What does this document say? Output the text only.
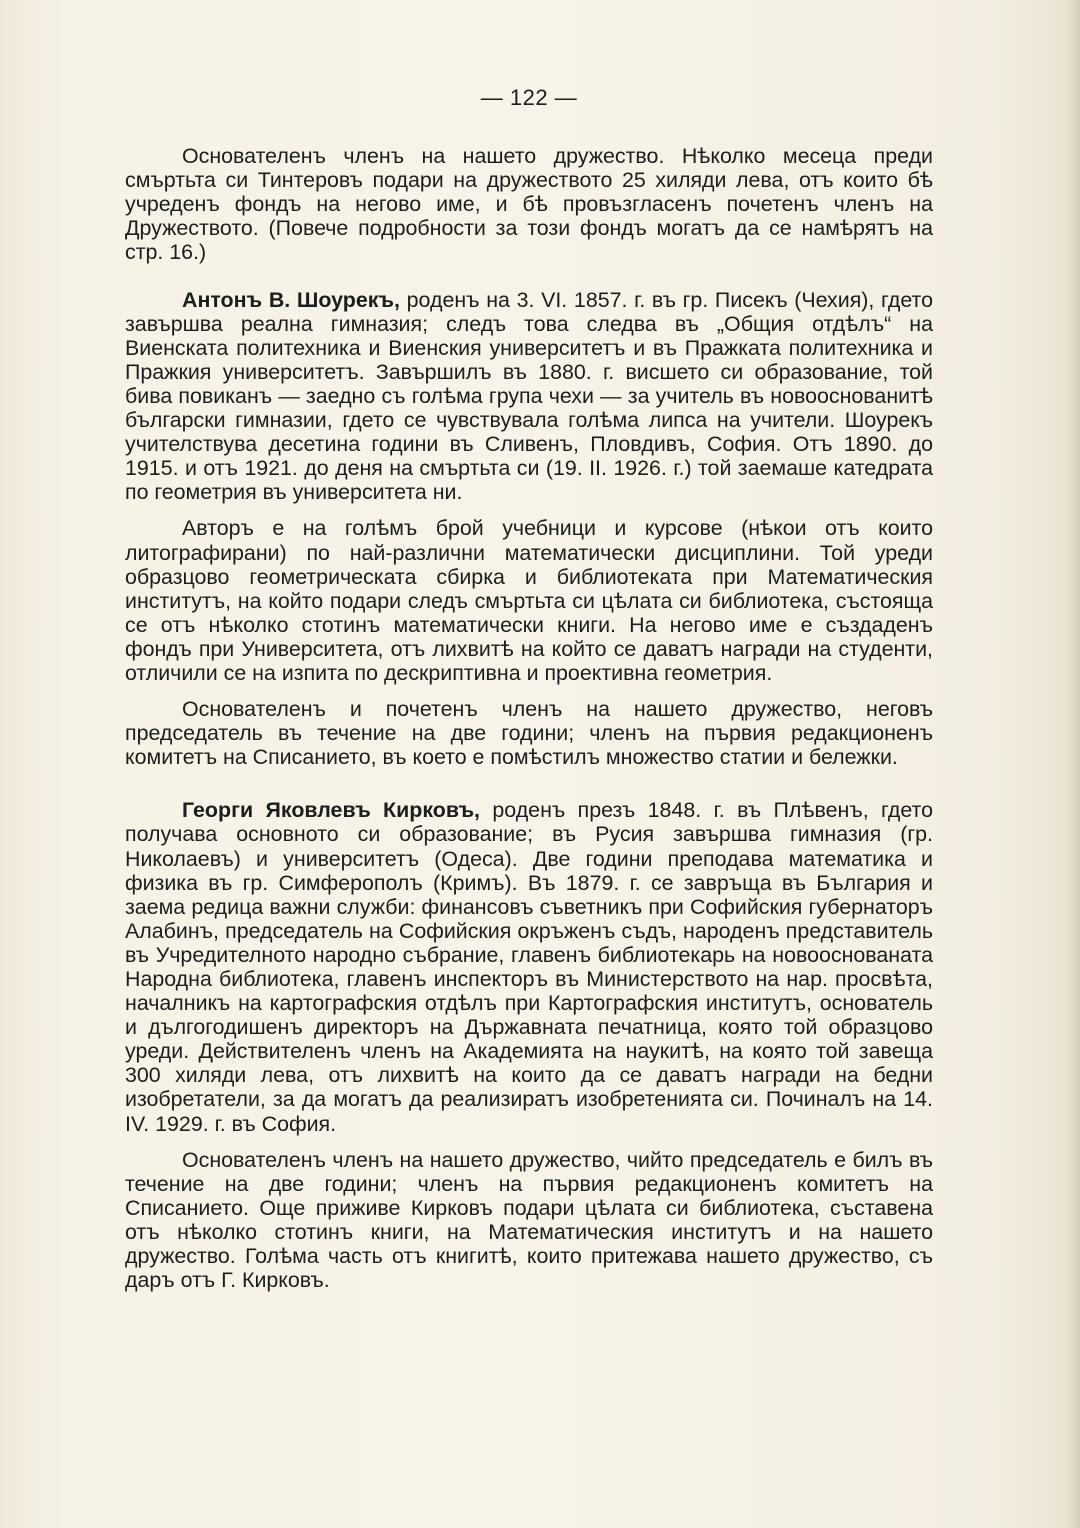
— 122 —

Основателенъ членъ на нашето дружество. Нѣколко месеца преди смъртьта си Тинтеровъ подари на дружеството 25 хиляди лева, отъ които бѣ учреденъ фондъ на негово име, и бѣ провъзгласенъ почетенъ членъ на Дружеството. (Повече подробности за този фондъ могатъ да се намѣрятъ на стр. 16.)

Антонъ В. Шоурекъ, роденъ на 3. VI. 1857. г. въ гр. Писекъ (Чехия), гдето завършва реална гимназия; следъ това следва въ „Общия отдѣлъ“ на Виенската политехника и Виенския университетъ и въ Пражката политехника и Пражкия университетъ. Завършилъ въ 1880. г. висшето си образование, той бива повиканъ — заедно съ голѣма група чехи — за учитель въ новооснованитѣ български гимназии, гдето се чувствувала голѣма липса на учители. Шоурекъ учителствува десетина години въ Сливенъ, Пловдивъ, София. Отъ 1890. до 1915. и отъ 1921. до деня на смъртьта си (19. II. 1926. г.) той заемаше катедрата по геометрия въ университета ни.

Авторъ е на голѣмъ брой учебници и курсове (нѣкои отъ които литографирани) по най-различни математически дисциплини. Той уреди образцово геометрическата сбирка и библиотеката при Математическия институтъ, на който подари следъ смъртьта си цѣлата си библиотека, състояща се отъ нѣколко стотинъ математически книги. На негово име е създаденъ фондъ при Университета, отъ лихвитѣ на който се даватъ награди на студенти, отличили се на изпита по дескриптивна и проективна геометрия.

Основателенъ и почетенъ членъ на нашето дружество, неговъ председатель въ течение на две години; членъ на първия редакционенъ комитетъ на Списанието, въ което е помѣстилъ множество статии и бележки.

Георги Яковлевъ Кирковъ, роденъ презъ 1848. г. въ Плѣвенъ, гдето получава основното си образование; въ Русия завършва гимназия (гр. Николаевъ) и университетъ (Одеса). Две години преподава математика и физика въ гр. Симферополъ (Кримъ). Въ 1879. г. се завръща въ България и заема редица важни служби: финансовъ съветникъ при Софийския губернаторъ Алабинъ, председатель на Софийския окръженъ съдъ, народенъ представитель въ Учредителното народно събрание, главенъ библиотекарь на новооснованата Народна библиотека, главенъ инспекторъ въ Министерството на нар. просвѣта, началникъ на картографския отдѣлъ при Картографския институтъ, основатель и дългогодишенъ директоръ на Държавната печатница, която той образцово уреди. Действителенъ членъ на Академията на наукитѣ, на която той завеща 300 хиляди лева, отъ лихвитѣ на които да се даватъ награди на бедни изобретатели, за да могатъ да реализиратъ изобретенията си. Починалъ на 14. IV. 1929. г. въ София.

Основателенъ членъ на нашето дружество, чийто председатель е билъ въ течение на две години; членъ на първия редакционенъ комитетъ на Списанието. Още приживе Кирковъ подари цѣлата си библиотека, съставена отъ нѣколко стотинъ книги, на Математическия институтъ и на нашето дружество. Голѣма часть отъ книгитѣ, които притежава нашето дружество, съ даръ отъ Г. Кирковъ.
